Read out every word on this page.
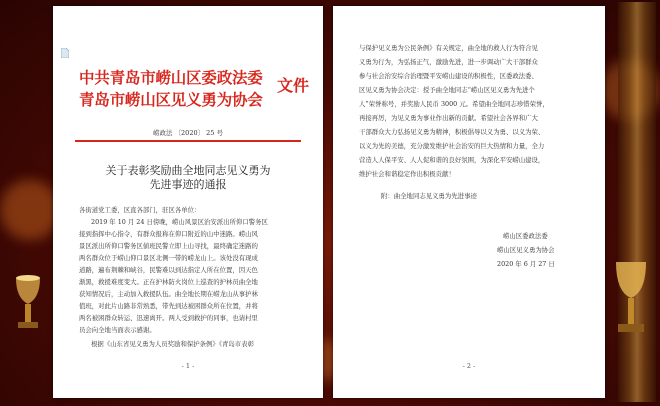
中共青岛市崂山区委政法委
青岛市崂山区见义勇为协会
文件
崂政法 〔2020〕 25 号
关于表彰奖励曲全地同志见义勇为
先进事迹的通报
各街道党工委，区直各部门，驻区各单位：
2019 年 10 月 24 日傍晚，崂山风景区治安派出所仰口警务区
接到指挥中心指令，有群众报称在仰口附近的山中迷路。崂山风
景区派出所仰口警务区値班民警立即上山寻找，最终确定迷路的
两名群众位于崂山仰口景区北侧一带的崂龙山上。该处没有现成
道路，遍布荆棘和峡谷，民警难以到达指定人所在位置，因天色
渐黑，救援难度变大。正在护林防火岗位上巡查的护林员曲全地
获知情况后，主动加入救援队伍。曲全地长期在崂龙山从事护林
值班，对此片山路非常熟悉，带先到达被困群众所在位置，并将
两名被困群众转运、迅速离开。两人受到救护的同事，也请村里
员会向全地当面表示感谢。
根据《山东省见义勇为人员奖励和保护条例》《青岛市表彰
- 1 -
与保护见义勇为公民条例》有关规定，曲全地的救人行为符合见
义勇为行为，为弘扬正气，激励先进，进一步调动广大干部群众
参与社会治安综合治理暨平安崂山建设的积极性，区委政法委、
区见义勇为协会决定：授予曲全地同志“崂山区见义勇为先进个
人”荣誉称号，并奖励人民币 3000 元。希望曲全地同志珍惜荣誉，
再接再厉，为见义勇为事业作出新的贡献。希望社会各界和广大
干部群众大力弘扬见义勇为精神，积极倡导以义为勇、以义为荣、
以义为先的美德，充分激发维护社会治安的巨大热情和力量，全力
营造人人保平安、人人促和谐的良好氛围，为深化平安崂山建设，
维护社会和谐稳定作出积极贡献！
附：曲全地同志见义勇为先进事迹
崂山区委政法委
崂山区见义勇为协会
2020 年 6 月 27 日
- 2 -
